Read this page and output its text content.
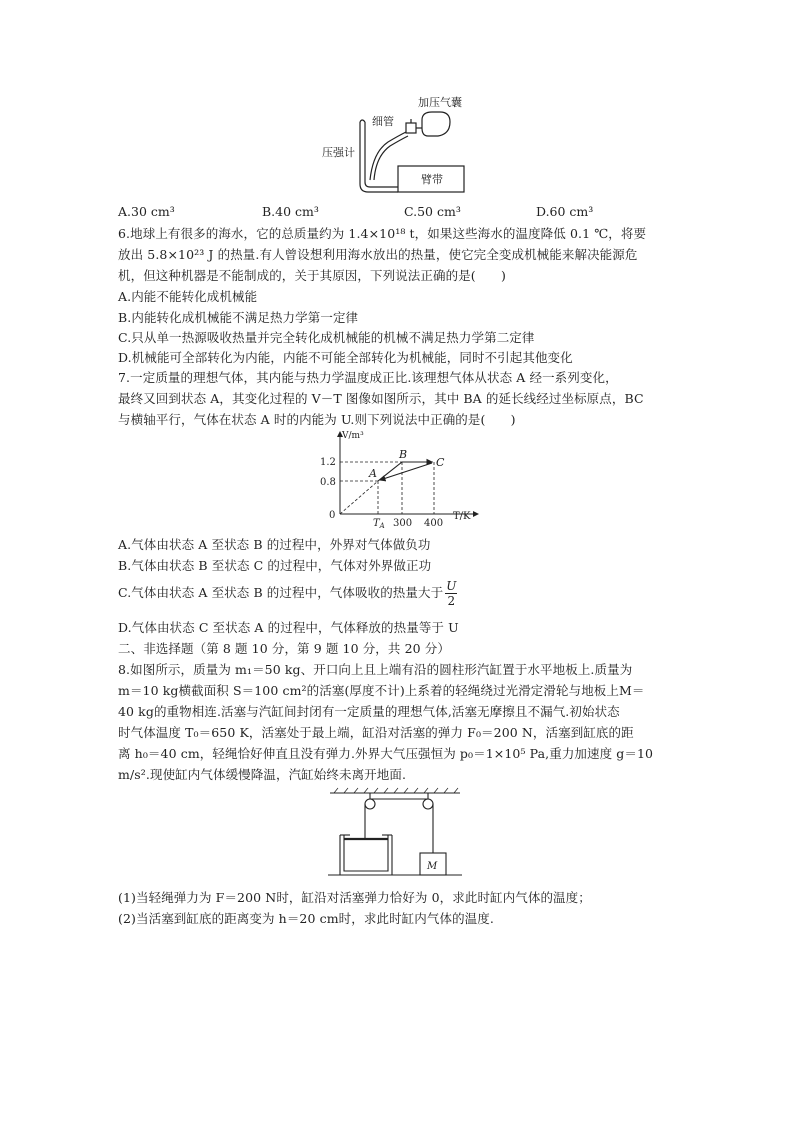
加压气囊
细管
压强计
臂带
A.30 cm³	B.40 cm³	C.50 cm³	D.60 cm³
6.地球上有很多的海水，它的总质量约为 1.4×10¹⁸ t，如果这些海水的温度降低 0.1 ℃，将要
放出 5.8×10²³ J 的热量.有人曾设想利用海水放出的热量，使它完全变成机械能来解决能源危
机，但这种机器是不能制成的，关于其原因，下列说法正确的是(　　)
A.内能不能转化成机械能
B.内能转化成机械能不满足热力学第一定律
C.只从单一热源吸收热量并完全转化成机械能的机械不满足热力学第二定律
D.机械能可全部转化为内能，内能不可能全部转化为机械能，同时不引起其他变化
7.一定质量的理想气体，其内能与热力学温度成正比.该理想气体从状态 A 经一系列变化，
最终又回到状态 A，其变化过程的 V－T 图像如图所示，其中 BA 的延长线经过坐标原点，BC
与横轴平行，气体在状态 A 时的内能为 U.则下列说法中正确的是(　　)
V/m³
T/K
0
1.2
0.8
$T_A$ 300 400
A
B
C
A.气体由状态 A 至状态 B 的过程中，外界对气体做负功
B.气体由状态 B 至状态 C 的过程中，气体对外界做正功
C.气体由状态 A 至状态 B 的过程中，气体吸收的热量大于 $\frac{U}{2}$
D.气体由状态 C 至状态 A 的过程中，气体释放的热量等于 U
二、非选择题（第 8 题 10 分，第 9 题 10 分，共 20 分）
8.如图所示，质量为 m₁＝50 kg、开口向上且上端有沿的圆柱形汽缸置于水平地板上.质量为
m＝10 kg横截面积 S＝100 cm²的活塞(厚度不计)上系着的轻绳绕过光滑定滑轮与地板上M＝
40 kg的重物相连.活塞与汽缸间封闭有一定质量的理想气体,活塞无摩擦且不漏气.初始状态
时气体温度 T₀＝650 K，活塞处于最上端，缸沿对活塞的弹力 F₀＝200 N，活塞到缸底的距
离 h₀＝40 cm，轻绳恰好伸直且没有弹力.外界大气压强恒为 p₀＝1×10⁵ Pa,重力加速度 g＝10
m/s².现使缸内气体缓慢降温，汽缸始终未离开地面.
M
(1)当轻绳弹力为 F＝200 N时，缸沿对活塞弹力恰好为 0，求此时缸内气体的温度；
(2)当活塞到缸底的距离变为 h＝20 cm时，求此时缸内气体的温度.
